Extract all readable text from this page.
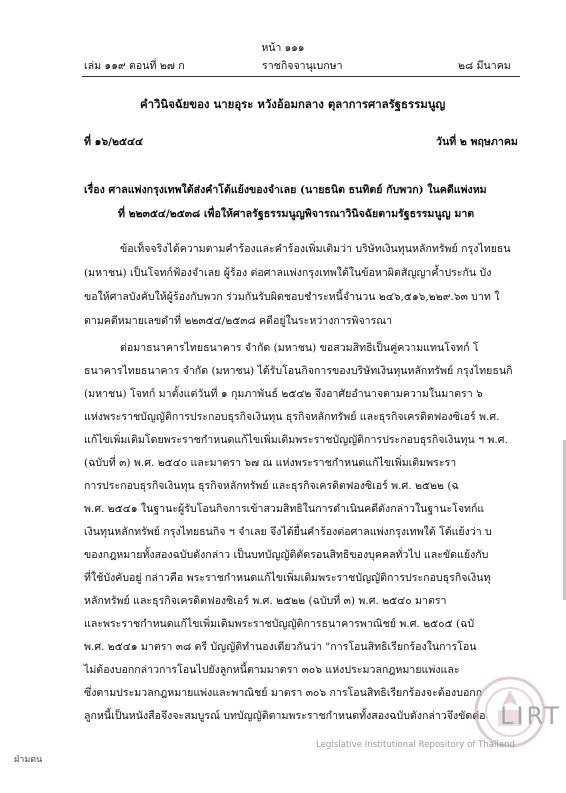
หน้า ๑๑๑
เล่ม ๑๑๙ ตอนที่ ๒๗ ก	ราชกิจจานุเบกษา	๒๘ มีนาคม
คำวินิจฉัยของ นายอุระ หวังอ้อมกลาง ตุลาการศาลรัฐธรรมนูญ
ที่ ๑๖/๒๕๔๔	วันที่ ๒ พฤษภาคม
เรื่อง ศาลแพ่งกรุงเทพใต้ส่งคำโต้แย้งของจำเลย (นายธนิต ธนทิตย์ กับพวก) ในคดีแพ่งหม
ที่ ๒๒๓๕๔/๒๕๓๘ เพื่อให้ศาลรัฐธรรมนูญพิจารณาวินิจฉัยตามรัฐธรรมนูญ มาต
ข้อเท็จจริงได้ความตามคำร้องและคำร้องเพิ่มเติมว่า บริษัทเงินทุนหลักทรัพย์ กรุงไทยธน
(มหาชน) เป็นโจทก์ฟ้องจำเลย ผู้ร้อง ต่อศาลแพ่งกรุงเทพใต้ในข้อหาผิดสัญญาค้ำประกัน บัง
ขอให้ศาลบังคับให้ผู้ร้องกับพวก ร่วมกันรับผิดชอบชำระหนี้จำนวน ๒๔๖,๕๑๖,๒๒๙.๖๓ บาท ใ
ตามคดีหมายเลขดำที่ ๒๒๓๕๔/๒๕๓๘ คดีอยู่ในระหว่างการพิจารณา
ต่อมาธนาคารไทยธนาคาร จำกัด (มหาชน) ขอสวมสิทธิเป็นคู่ความแทนโจทก์ โ
ธนาคารไทยธนาคาร จำกัด (มหาชน) ได้รับโอนกิจการของบริษัทเงินทุนหลักทรัพย์ กรุงไทยธนกิ
(มหาชน) โจทก์ มาตั้งแต่วันที่ ๑ กุมภาพันธ์ ๒๕๔๒ จึงอาศัยอำนาจตามความในมาตรา ๖
แห่งพระราชบัญญัติการประกอบธุรกิจเงินทุน ธุรกิจหลักทรัพย์ และธุรกิจเครดิตฟองซิเอร์ พ.ศ.
แก้ไขเพิ่มเติมโดยพระราชกำหนดแก้ไขเพิ่มเติมพระราชบัญญัติการประกอบธุรกิจเงินทุน ฯ พ.ศ.
(ฉบับที่ ๓) พ.ศ. ๒๕๔๐ และมาตรา ๖๗ ณ แห่งพระราชกำหนดแก้ไขเพิ่มเติมพระรา
การประกอบธุรกิจเงินทุน ธุรกิจหลักทรัพย์ และธุรกิจเครดิตฟองซิเอร์ พ.ศ. ๒๕๒๒ (ฉ
พ.ศ. ๒๕๔๑ ในฐานะผู้รับโอนกิจการเข้าสวมสิทธิในการดำเนินคดีดังกล่าวในฐานะโจทก์แ
เงินทุนหลักทรัพย์ กรุงไทยธนกิจ ฯ จำเลย จึงได้ยื่นคำร้องต่อศาลแพ่งกรุงเทพใต้ โต้แย้งว่า บ
ของกฎหมายทั้งสองฉบับดังกล่าว เป็นบทบัญญัติตัดรอนสิทธิของบุคคลทั่วไป และขัดแย้งกับ
ที่ใช้บังคับอยู่ กล่าวคือ พระราชกำหนดแก้ไขเพิ่มเติมพระราชบัญญัติการประกอบธุรกิจเงินทุ
หลักทรัพย์ และธุรกิจเครดิตฟองซิเอร์ พ.ศ. ๒๕๒๒ (ฉบับที่ ๓) พ.ศ. ๒๕๔๐ มาตรา
และพระราชกำหนดแก้ไขเพิ่มเติมพระราชบัญญัติการธนาคารพาณิชย์ พ.ศ. ๒๕๐๕ (ฉบั
พ.ศ. ๒๕๔๑ มาตรา ๓๘ ตรี บัญญัติทำนองเดียวกันว่า "การโอนสิทธิเรียกร้องในการโอน
ไม่ต้องบอกกล่าวการโอนไปยังลูกหนี้ตามมาตรา ๓๐๖ แห่งประมวลกฎหมายแพ่งและ
ซึ่งตามประมวลกฎหมายแพ่งและพาณิชย์ มาตรา ๓๐๖ การโอนสิทธิเรียกร้องจะต้องบอกก
ลูกหนี้เป็นหนังสือจึงจะสมบูรณ์ บทบัญญัติตามพระราชกำหนดทั้งสองฉบับดังกล่าวจึงขัดต่อ LIRT
Legislative Institutional Repository of Thailand
ฝ่ามตน
